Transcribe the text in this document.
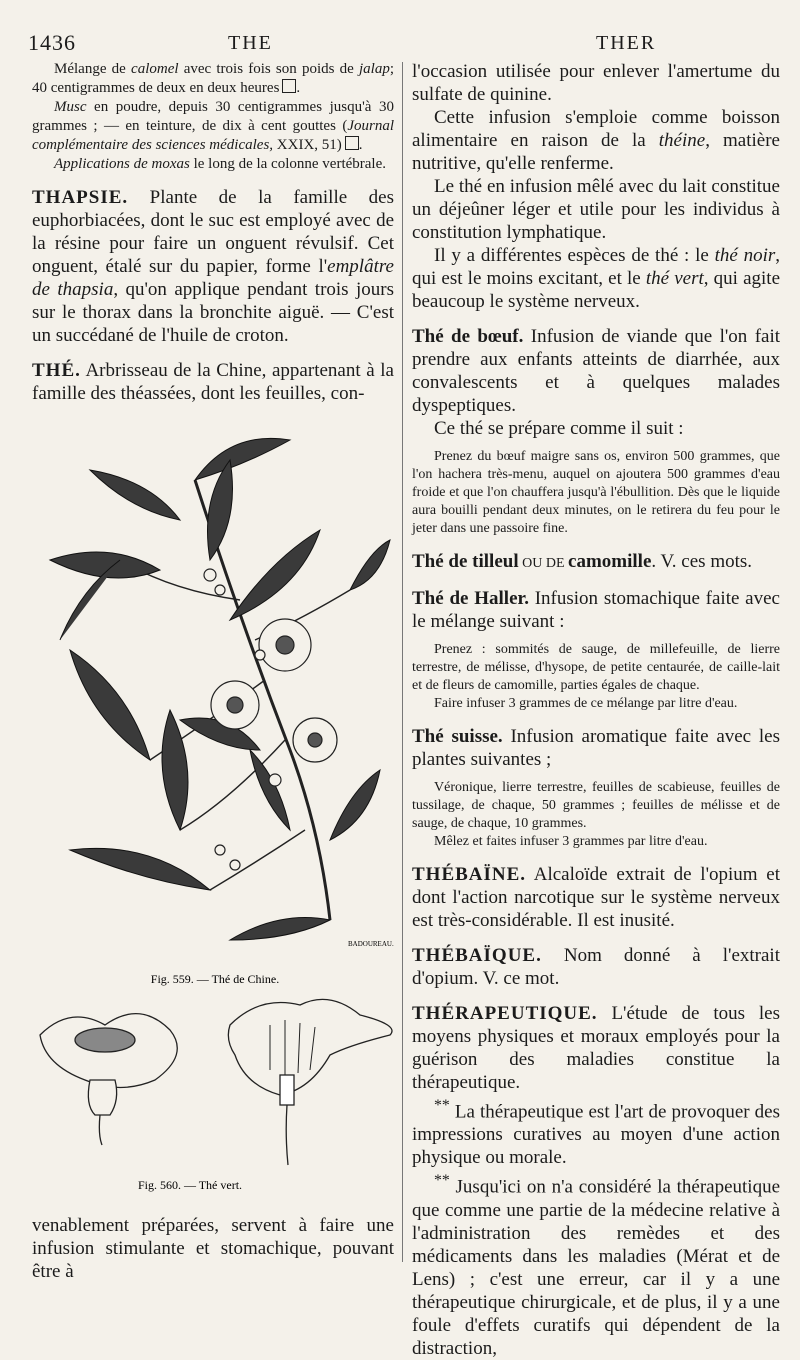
1436	THE	THER

Mélange de calomel avec trois fois son poids de jalap; 40 centigrammes de deux en deux heures .

Musc en poudre, depuis 30 centigrammes jusqu'à 30 grammes ; — en teinture, de dix à cent gouttes (Journal complémentaire des sciences médicales, XXIX, 51) .

Applications de moxas le long de la colonne vertébrale.

THAPSIE. Plante de la famille des euphorbiacées, dont le suc est employé avec de la résine pour faire un onguent révulsif. Cet onguent, étalé sur du papier, forme l'emplâtre de thapsia, qu'on applique pendant trois jours sur le thorax dans la bronchite aiguë. — C'est un succédané de l'huile de croton.

THÉ. Arbrisseau de la Chine, appartenant à la famille des théassées, dont les feuilles, con-

BADOUREAU.
Fig. 559. — Thé de Chine.

Fig. 560. — Thé vert.

venablement préparées, servent à faire une infusion stimulante et stomachique, pouvant être à

l'occasion utilisée pour enlever l'amertume du sulfate de quinine.

Cette infusion s'emploie comme boisson alimentaire en raison de la théine, matière nutritive, qu'elle renferme.

Le thé en infusion mêlé avec du lait constitue un déjeûner léger et utile pour les individus à constitution lymphatique.

Il y a différentes espèces de thé : le thé noir, qui est le moins excitant, et le thé vert, qui agite beaucoup le système nerveux.

Thé de bœuf. Infusion de viande que l'on fait prendre aux enfants atteints de diarrhée, aux convalescents et à quelques malades dyspeptiques.

Ce thé se prépare comme il suit :

Prenez du bœuf maigre sans os, environ 500 grammes, que l'on hachera très-menu, auquel on ajoutera 500 grammes d'eau froide et que l'on chauffera jusqu'à l'ébullition. Dès que le liquide aura bouilli pendant deux minutes, on le retirera du feu pour le jeter dans une passoire fine.

Thé de tilleul OU DE camomille. V. ces mots.

Thé de Haller. Infusion stomachique faite avec le mélange suivant :

Prenez : sommités de sauge, de millefeuille, de lierre terrestre, de mélisse, d'hysope, de petite centaurée, de caille-lait et de fleurs de camomille, parties égales de chaque.

Faire infuser 3 grammes de ce mélange par litre d'eau.

Thé suisse. Infusion aromatique faite avec les plantes suivantes ;

Véronique, lierre terrestre, feuilles de scabieuse, feuilles de tussilage, de chaque, 50 grammes ; feuilles de mélisse et de sauge, de chaque, 10 grammes.

Mêlez et faites infuser 3 grammes par litre d'eau.

THÉBAÏNE. Alcaloïde extrait de l'opium et dont l'action narcotique sur le système nerveux est très-considérable. Il est inusité.

THÉBAÏQUE. Nom donné à l'extrait d'opium. V. ce mot.

THÉRAPEUTIQUE. L'étude de tous les moyens physiques et moraux employés pour la guérison des maladies constitue la thérapeutique.

** La thérapeutique est l'art de provoquer des impressions curatives au moyen d'une action physique ou morale.

** Jusqu'ici on n'a considéré la thérapeutique que comme une partie de la médecine relative à l'administration des remèdes et des médicaments dans les maladies (Mérat et de Lens) ; c'est une erreur, car il y a une thérapeutique chirurgicale, et de plus, il y a une foule d'effets curatifs qui dépendent de la distraction,
